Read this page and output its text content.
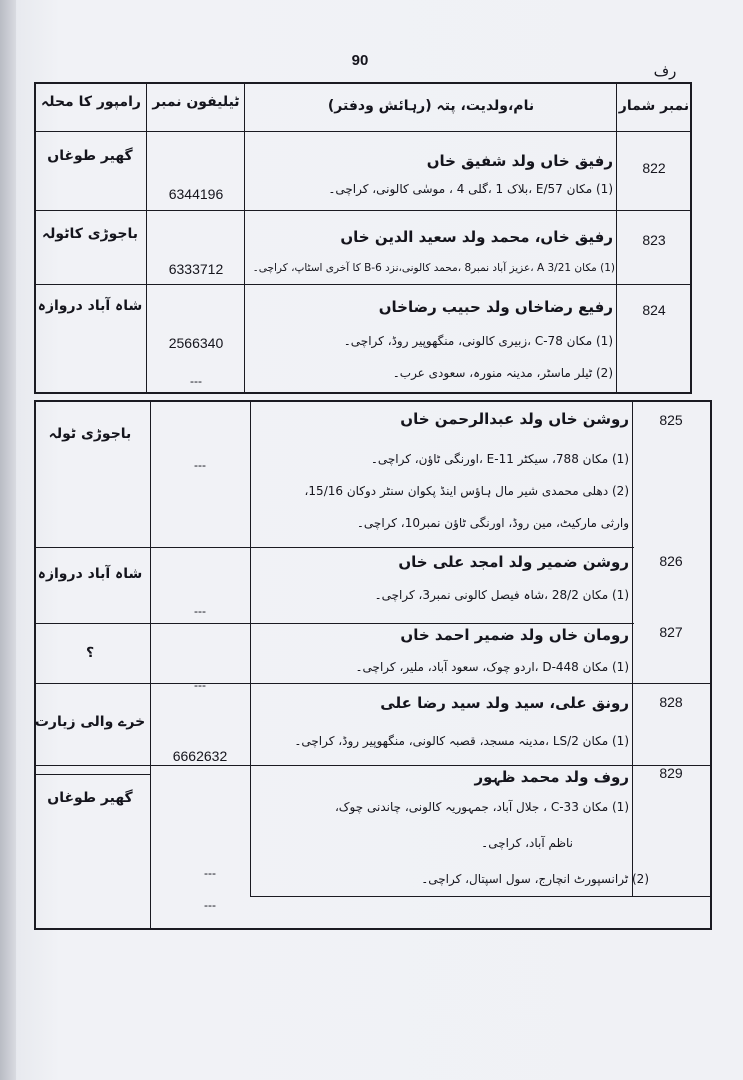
90
رف
نمبر شمار
نام،ولدیت، پتہ (رہائش ودفتر)
ٹیلیفون نمبر
رامپور کا محلہ
822
رفیق خاں ولد شفیق خاں
(1) مکان E/57 ،بلاک 1 ،گلی 4 ، موسٰی کالونی، کراچی۔
6344196
گھیر طوغاں
823
رفیق خاں، محمد ولد سعید الدین خاں
(1) مکان A 3/21 ،عزیز آباد نمبر8 ،محمد کالونی،نزد 6-B کا آخری اسٹاپ، کراچی۔
6333712
باجوڑی کاٹولہ
824
رفیع رضاخاں ولد حبیب رضاخاں
(1) مکان C-78 ،زبیری کالونی، منگھوپیر روڈ، کراچی۔
(2) ٹیلر ماسٹر، مدینہ منورہ، سعودی عرب۔
2566340
---
شاہ آباد دروازہ
825
روشن خاں ولد عبدالرحمن خاں
(1) مکان 788، سیکٹر 11-E ،اورنگی ٹاؤن، کراچی۔
(2) دھلی محمدی شیر مال ہاؤس اینڈ پکوان سنٹر دوکان 15/16،
وارثی مارکیٹ، مین روڈ، اورنگی ٹاؤن نمبر10، کراچی۔
---
باجوڑی ٹولہ
826
روشن ضمیر ولد امجد علی خاں
(1) مکان 28/2 ،شاہ فیصل کالونی نمبر3، کراچی۔
---
شاہ آباد دروازہ
827
رومان خاں ولد ضمیر احمد خاں
(1) مکان D-448 ،اردو چوک، سعود آباد، ملیر، کراچی۔
---
؟
828
رونق علی، سید ولد سید رضا علی
(1) مکان LS/2 ،مدینہ مسجد، قصبہ کالونی، منگھوپیر روڈ، کراچی۔
6662632
خرے والی زیارت
829
روف ولد محمد ظہور
(1) مکان C-33 ، جلال آباد، جمہوریہ کالونی، چاندنی چوک،
ناظم آباد، کراچی۔
(2) ٹرانسپورٹ انچارج، سول اسپتال، کراچی۔
---
---
گھیر طوغاں
